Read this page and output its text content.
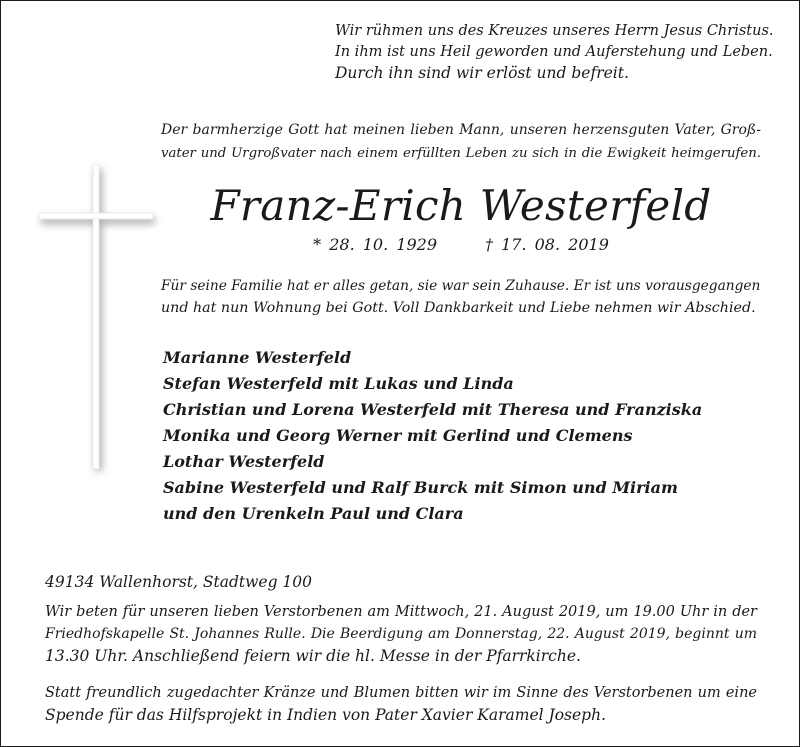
Wir rühmen uns des Kreuzes unseres Herrn Jesus Christus.
In ihm ist uns Heil geworden und Auferstehung und Leben.
Durch ihn sind wir erlöst und befreit.
Der barmherzige Gott hat meinen lieben Mann, unseren herzensguten Vater, Groß-
vater und Urgroßvater nach einem erfüllten Leben zu sich in die Ewigkeit heimgerufen.
Franz-Erich Westerfeld
* 28. 10. 1929	† 17. 08. 2019
Für seine Familie hat er alles getan, sie war sein Zuhause. Er ist uns vorausgegangen
und hat nun Wohnung bei Gott. Voll Dankbarkeit und Liebe nehmen wir Abschied.
Marianne Westerfeld
Stefan Westerfeld mit Lukas und Linda
Christian und Lorena Westerfeld mit Theresa und Franziska
Monika und Georg Werner mit Gerlind und Clemens
Lothar Westerfeld
Sabine Westerfeld und Ralf Burck mit Simon und Miriam
und den Urenkeln Paul und Clara
49134 Wallenhorst, Stadtweg 100
Wir beten für unseren lieben Verstorbenen am Mittwoch, 21. August 2019, um 19.00 Uhr in der
Friedhofskapelle St. Johannes Rulle. Die Beerdigung am Donnerstag, 22. August 2019, beginnt um
13.30 Uhr. Anschließend feiern wir die hl. Messe in der Pfarrkirche.
Statt freundlich zugedachter Kränze und Blumen bitten wir im Sinne des Verstorbenen um eine
Spende für das Hilfsprojekt in Indien von Pater Xavier Karamel Joseph.
